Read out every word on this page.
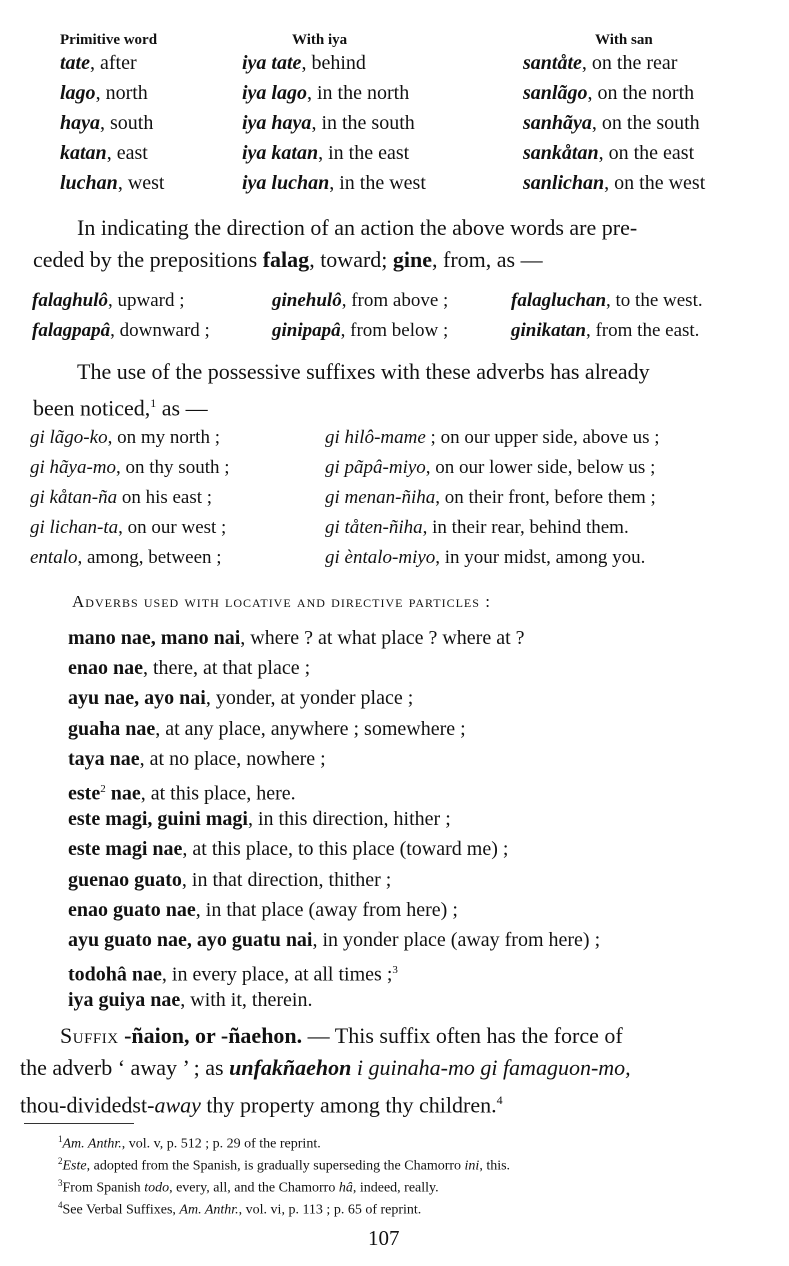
Primitive word	With iya	With san
tate , after	iya tate , behind	santåte , on the rear
lago , north	iya lago , in the north	sanlãgo , on the north
haya , south	iya haya , in the south	sanhãya , on the south
katan , east	iya katan , in the east	sankåtan , on the east
luchan , west	iya luchan , in the west	sanlichan , on the west

In indicating the direction of an action the above words are pre-

ceded by the prepositions falag, toward; gine, from, as —

falaghulô, upward ;	ginehulô, from above ;	falagluchan, to the west.
falagpapâ, downward ;	ginipapâ, from below ;	ginikatan, from the east.

The use of the possessive suffixes with these adverbs has already

been noticed,$^1$ as —

gi lãgo-ko, on my north ;	gi hilô-mame ; on our upper side, above us ;
gi hãya-mo, on thy south ;	gi pãpâ-miyo, on our lower side, below us ;
gi kåtan-ña on his east ;	gi menan-ñiha, on their front, before them ;
gi lichan-ta, on our west ;	gi tåten-ñiha, in their rear, behind them.
entalo, among, between ;	gi èntalo-miyo, in your midst, among you.
Adverbs used with locative and directive particles :
mano nae, mano nai, where ? at what place ? where at ?
enao nae, there, at that place ;
ayu nae, ayo nai, yonder, at yonder place ;
guaha nae, at any place, anywhere ; somewhere ;
taya nae, at no place, nowhere ;
este$^2$ nae, at this place, here.
este magi, guini magi, in this direction, hither ;
este magi nae, at this place, to this place (toward me) ;
guenao guato, in that direction, thither ;
enao guato nae, in that place (away from here) ;
ayu guato nae, ayo guatu nai, in yonder place (away from here) ;
todohâ nae, in every place, at all times ;$^3$
iya guiya nae, with it, therein.

Suffix -ñaion, or -ñaehon. — This suffix often has the force of

the adverb ‘ away ’ ; as unfakñaehon i guinaha-mo gi famaguon-mo,

thou-dividedst-away thy property among thy children.$^4$

$^1$Am. Anthr., vol. v, p. 512 ; p. 29 of the reprint.
$^2$Este, adopted from the Spanish, is gradually superseding the Chamorro ini, this.
$^3$From Spanish todo, every, all, and the Chamorro hâ, indeed, really.
$^4$See Verbal Suffixes, Am. Anthr., vol. vi, p. 113 ; p. 65 of reprint.
107
